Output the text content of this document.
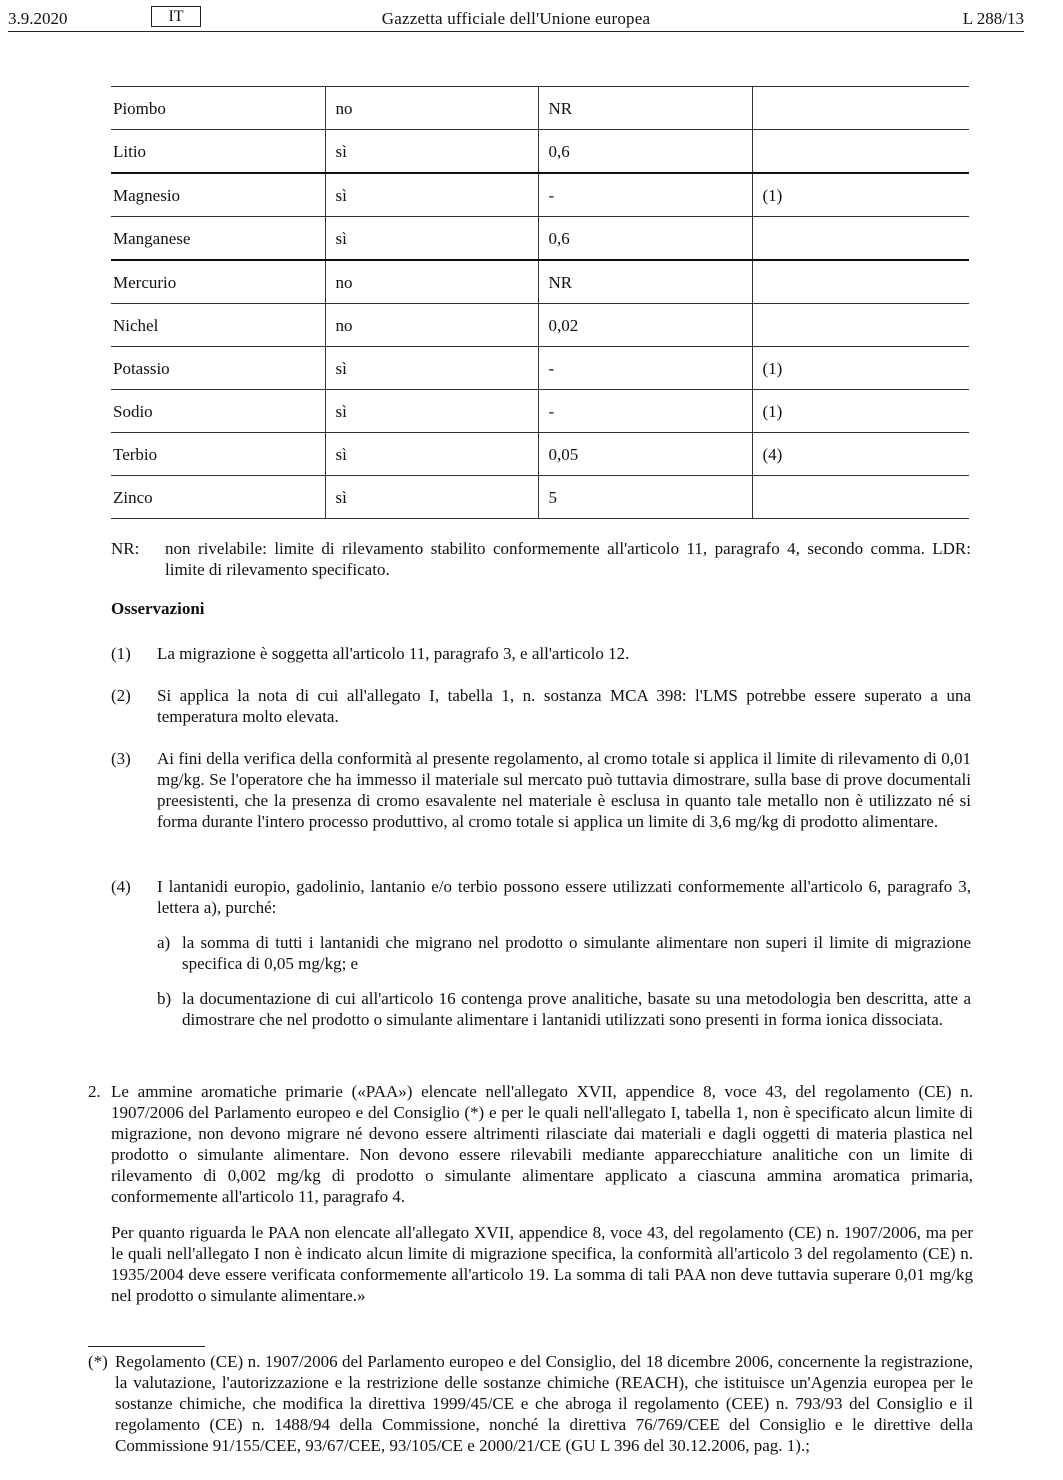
3.9.2020	IT	Gazzetta ufficiale dell'Unione europea	L 288/13
Piombo	no	NR	
Litio	sì	0,6	
Magnesio	sì	-	(1)
Manganese	sì	0,6	
Mercurio	no	NR	
Nichel	no	0,02	
Potassio	sì	-	(1)
Sodio	sì	-	(1)
Terbio	sì	0,05	(4)
Zinco	sì	5	
NR: non rivelabile: limite di rilevamento stabilito conformemente all'articolo 11, paragrafo 4, secondo comma. LDR: limite di rilevamento specificato.
Osservazioni
(1) La migrazione è soggetta all'articolo 11, paragrafo 3, e all'articolo 12.
(2) Si applica la nota di cui all'allegato I, tabella 1, n. sostanza MCA 398: l'LMS potrebbe essere superato a una temperatura molto elevata.
(3) Ai fini della verifica della conformità al presente regolamento, al cromo totale si applica il limite di rilevamento di 0,01 mg/kg. Se l'operatore che ha immesso il materiale sul mercato può tuttavia dimostrare, sulla base di prove documentali preesistenti, che la presenza di cromo esavalente nel materiale è esclusa in quanto tale metallo non è utilizzato né si forma durante l'intero processo produttivo, al cromo totale si applica un limite di 3,6 mg/kg di prodotto alimentare.
(4) I lantanidi europio, gadolinio, lantanio e/o terbio possono essere utilizzati conformemente all'articolo 6, paragrafo 3, lettera a), purché:
a) la somma di tutti i lantanidi che migrano nel prodotto o simulante alimentare non superi il limite di migrazione specifica di 0,05 mg/kg; e
b) la documentazione di cui all'articolo 16 contenga prove analitiche, basate su una metodologia ben descritta, atte a dimostrare che nel prodotto o simulante alimentare i lantanidi utilizzati sono presenti in forma ionica dissociata.
2. Le ammine aromatiche primarie («PAA») elencate nell'allegato XVII, appendice 8, voce 43, del regolamento (CE) n. 1907/2006 del Parlamento europeo e del Consiglio (*) e per le quali nell'allegato I, tabella 1, non è specificato alcun limite di migrazione, non devono migrare né devono essere altrimenti rilasciate dai materiali e dagli oggetti di materia plastica nel prodotto o simulante alimentare. Non devono essere rilevabili mediante apparecchiature analitiche con un limite di rilevamento di 0,002 mg/kg di prodotto o simulante alimentare applicato a ciascuna ammina aromatica primaria, conformemente all'articolo 11, paragrafo 4.
Per quanto riguarda le PAA non elencate all'allegato XVII, appendice 8, voce 43, del regolamento (CE) n. 1907/2006, ma per le quali nell'allegato I non è indicato alcun limite di migrazione specifica, la conformità all'articolo 3 del regolamento (CE) n. 1935/2004 deve essere verificata conformemente all'articolo 19. La somma di tali PAA non deve tuttavia superare 0,01 mg/kg nel prodotto o simulante alimentare.»
(*) Regolamento (CE) n. 1907/2006 del Parlamento europeo e del Consiglio, del 18 dicembre 2006, concernente la registrazione, la valutazione, l'autorizzazione e la restrizione delle sostanze chimiche (REACH), che istituisce un'Agenzia europea per le sostanze chimiche, che modifica la direttiva 1999/45/CE e che abroga il regolamento (CEE) n. 793/93 del Consiglio e il regolamento (CE) n. 1488/94 della Commissione, nonché la direttiva 76/769/CEE del Consiglio e le direttive della Commissione 91/155/CEE, 93/67/CEE, 93/105/CE e 2000/21/CE (GU L 396 del 30.12.2006, pag. 1).;
